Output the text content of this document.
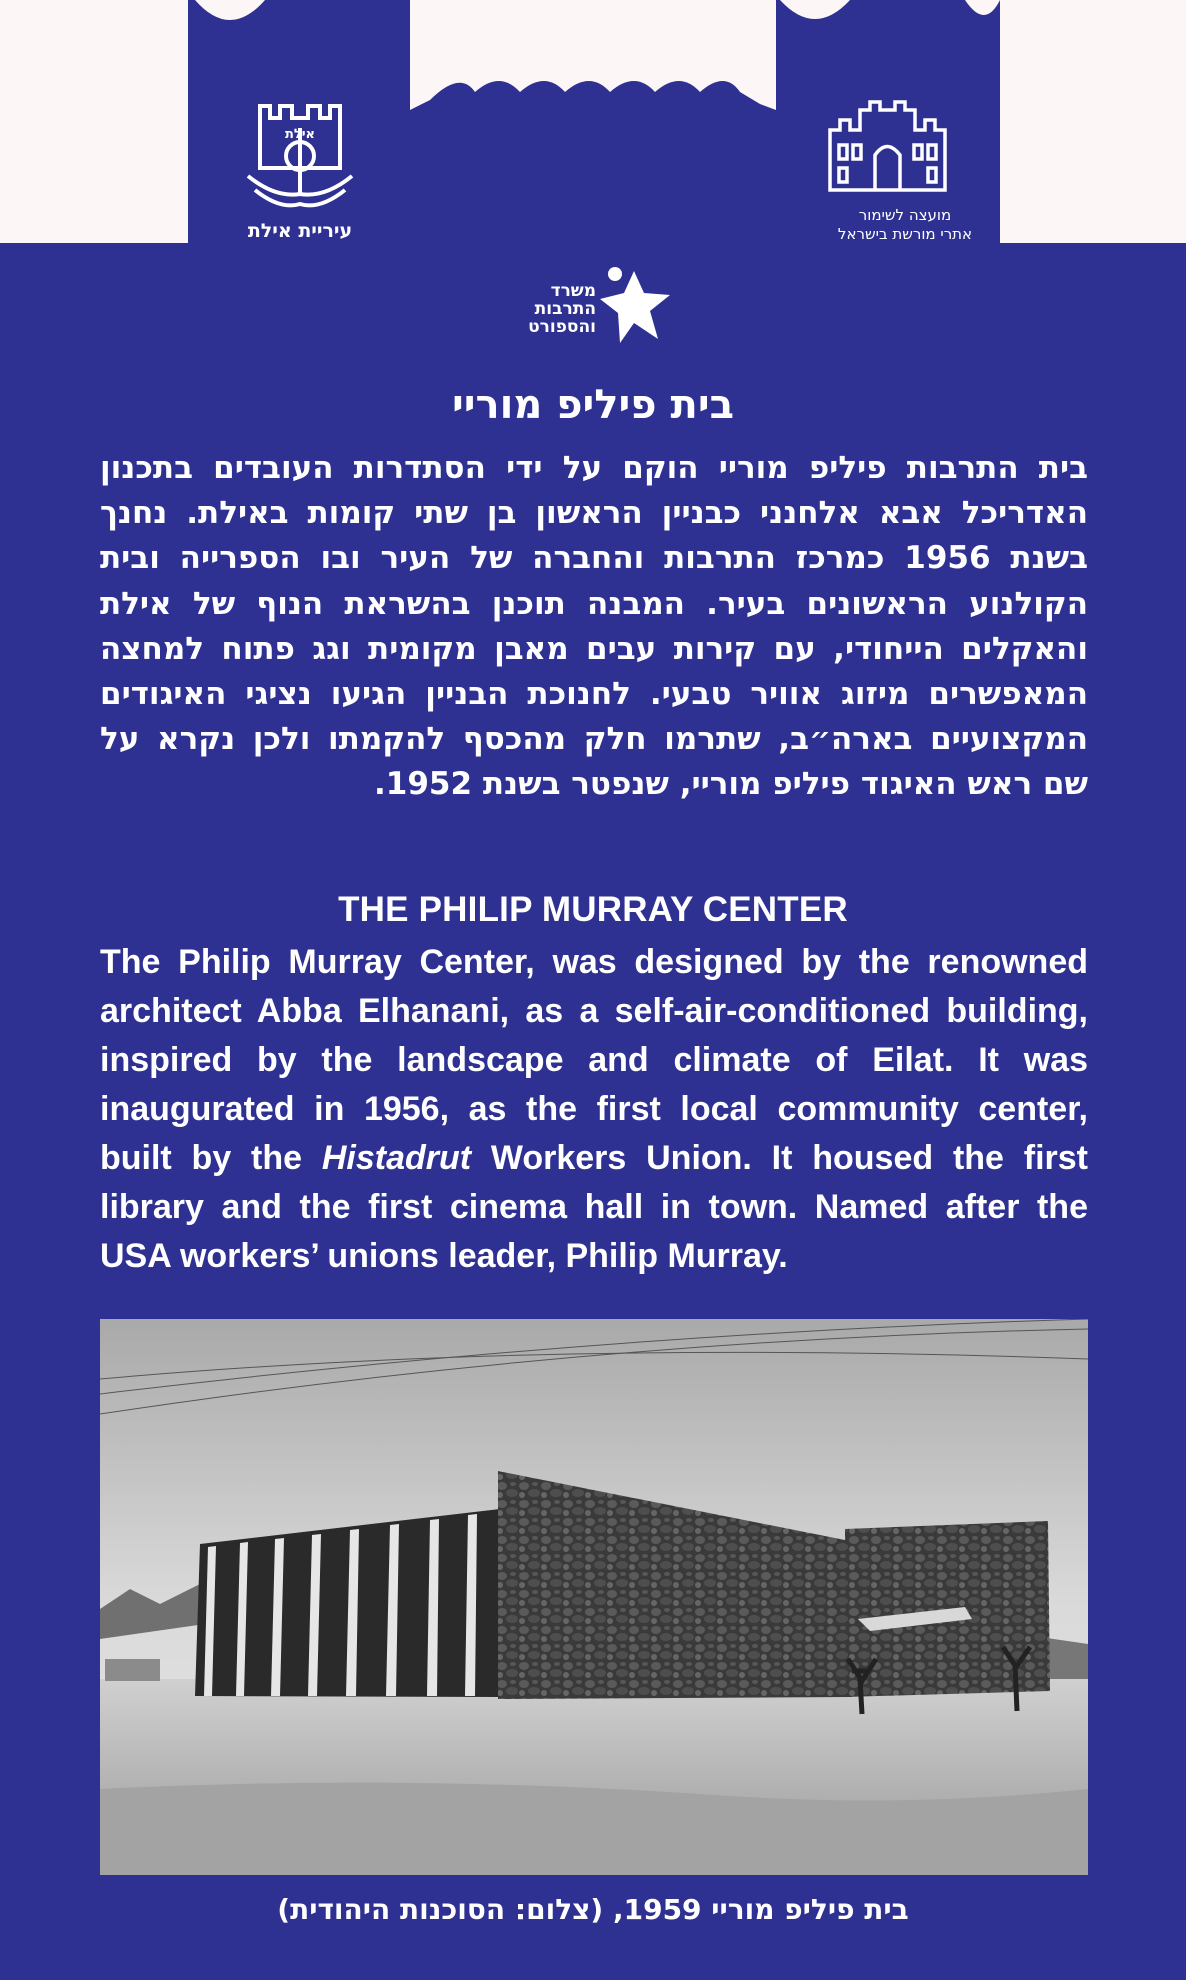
אילת
עיריית אילת
מועצה לשימור
אתרי מורשת בישראל
משרד
התרבות
והספורט
בית פיליפ מוריי
בית התרבות פיליפ מוריי הוקם על ידי הסתדרות העובדים בתכנון האדריכל אבא אלחנני כבניין הראשון בן שתי קומות באילת. נחנך בשנת 1956 כמרכז התרבות והחברה של העיר ובו הספרייה ובית הקולנוע הראשונים בעיר. המבנה תוכנן בהשראת הנוף של אילת והאקלים הייחודי, עם קירות עבים מאבן מקומית וגג פתוח למחצה המאפשרים מיזוג אוויר טבעי. לחנוכת הבניין הגיעו נציגי האיגודים המקצועיים בארה״ב, שתרמו חלק מהכסף להקמתו ולכן נקרא על שם ראש האיגוד פיליפ מוריי, שנפטר בשנת 1952.
THE PHILIP MURRAY CENTER
The Philip Murray Center, was designed by the renowned
architect Abba Elhanani, as a self-air-conditioned building,
inspired by the landscape and climate of Eilat. It was
inaugurated in 1956, as the first local community center,
built by the Histadrut Workers Union. It housed the first
library and the first cinema hall in town. Named after the
USA workers’ unions leader, Philip Murray.
בית פיליפ מוריי 1959, (צלום: הסוכנות היהודית)
